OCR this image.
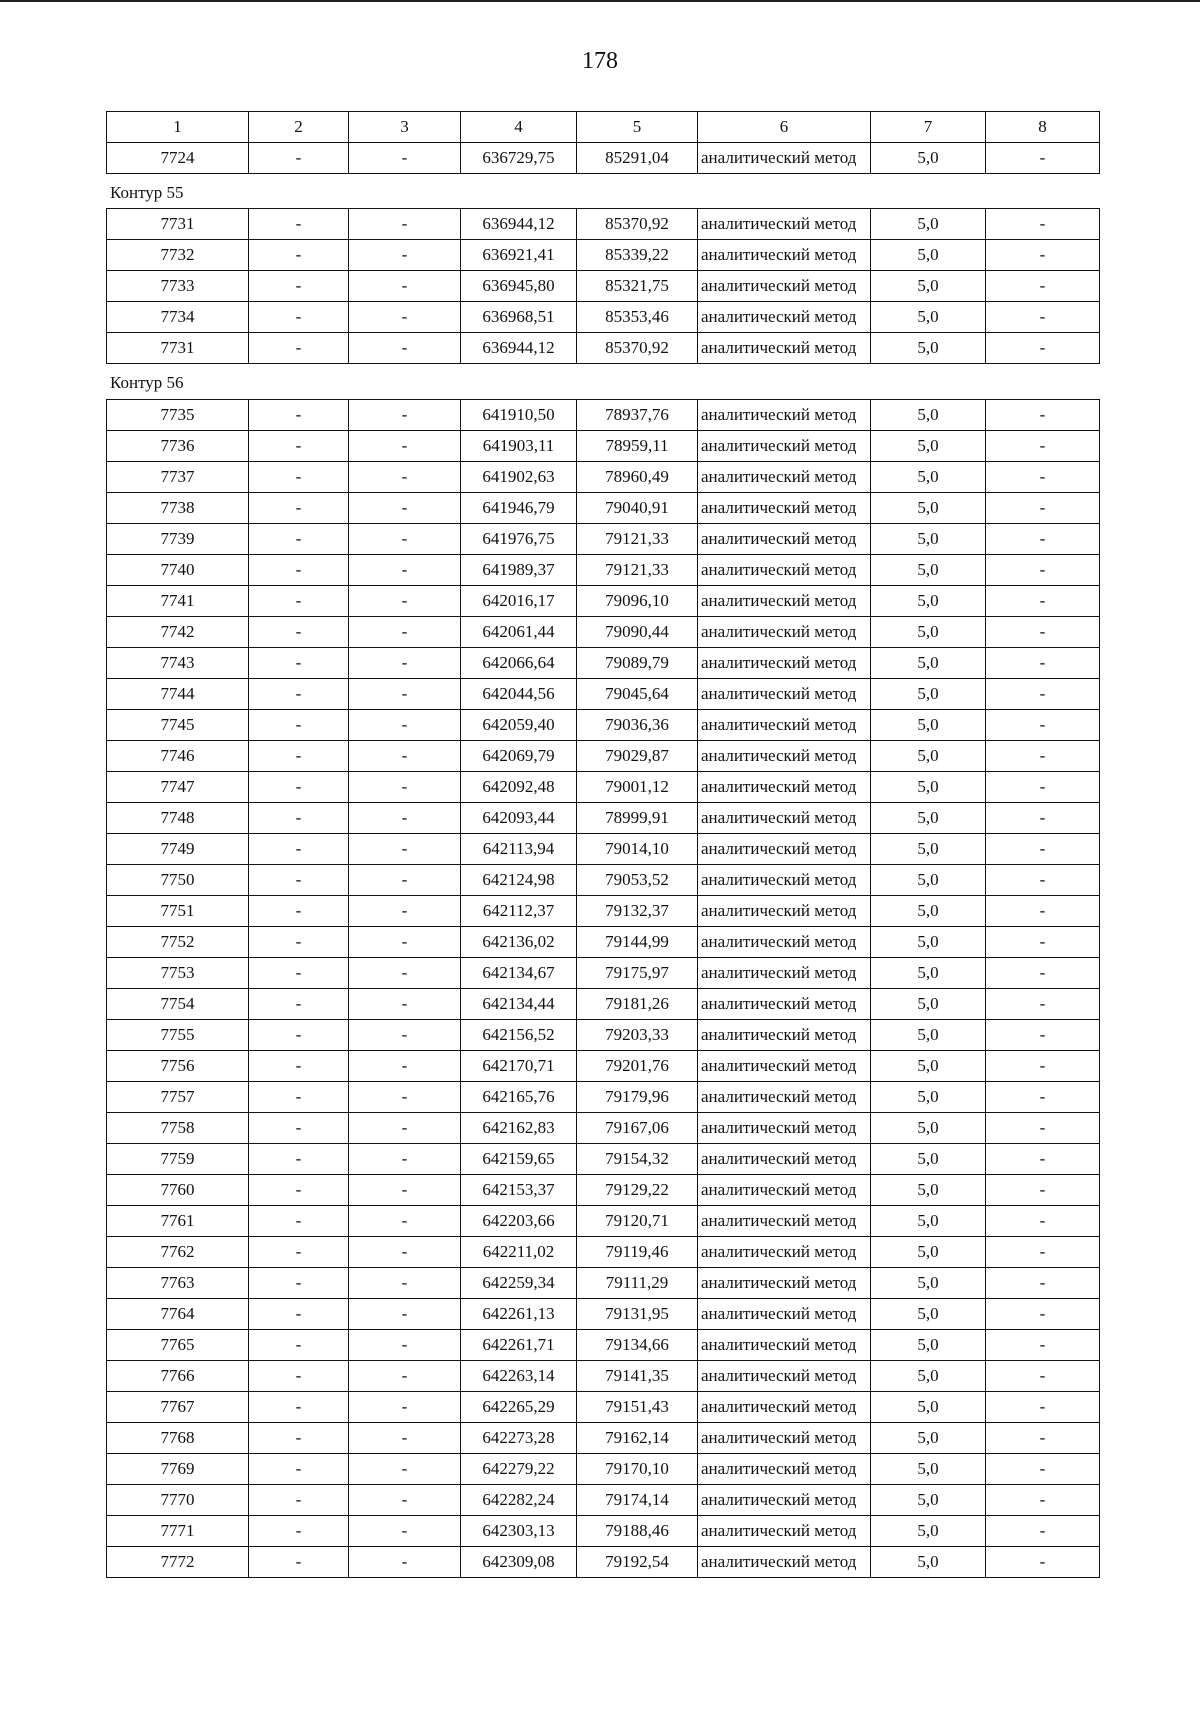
178
1	2	3	4	5	6	7	8
7724	-	-	636729,75	85291,04	аналитический метод	5,0	-
Контур 55
7731	-	-	636944,12	85370,92	аналитический метод	5,0	-
7732	-	-	636921,41	85339,22	аналитический метод	5,0	-
7733	-	-	636945,80	85321,75	аналитический метод	5,0	-
7734	-	-	636968,51	85353,46	аналитический метод	5,0	-
7731	-	-	636944,12	85370,92	аналитический метод	5,0	-
Контур 56
7735	-	-	641910,50	78937,76	аналитический метод	5,0	-
7736	-	-	641903,11	78959,11	аналитический метод	5,0	-
7737	-	-	641902,63	78960,49	аналитический метод	5,0	-
7738	-	-	641946,79	79040,91	аналитический метод	5,0	-
7739	-	-	641976,75	79121,33	аналитический метод	5,0	-
7740	-	-	641989,37	79121,33	аналитический метод	5,0	-
7741	-	-	642016,17	79096,10	аналитический метод	5,0	-
7742	-	-	642061,44	79090,44	аналитический метод	5,0	-
7743	-	-	642066,64	79089,79	аналитический метод	5,0	-
7744	-	-	642044,56	79045,64	аналитический метод	5,0	-
7745	-	-	642059,40	79036,36	аналитический метод	5,0	-
7746	-	-	642069,79	79029,87	аналитический метод	5,0	-
7747	-	-	642092,48	79001,12	аналитический метод	5,0	-
7748	-	-	642093,44	78999,91	аналитический метод	5,0	-
7749	-	-	642113,94	79014,10	аналитический метод	5,0	-
7750	-	-	642124,98	79053,52	аналитический метод	5,0	-
7751	-	-	642112,37	79132,37	аналитический метод	5,0	-
7752	-	-	642136,02	79144,99	аналитический метод	5,0	-
7753	-	-	642134,67	79175,97	аналитический метод	5,0	-
7754	-	-	642134,44	79181,26	аналитический метод	5,0	-
7755	-	-	642156,52	79203,33	аналитический метод	5,0	-
7756	-	-	642170,71	79201,76	аналитический метод	5,0	-
7757	-	-	642165,76	79179,96	аналитический метод	5,0	-
7758	-	-	642162,83	79167,06	аналитический метод	5,0	-
7759	-	-	642159,65	79154,32	аналитический метод	5,0	-
7760	-	-	642153,37	79129,22	аналитический метод	5,0	-
7761	-	-	642203,66	79120,71	аналитический метод	5,0	-
7762	-	-	642211,02	79119,46	аналитический метод	5,0	-
7763	-	-	642259,34	79111,29	аналитический метод	5,0	-
7764	-	-	642261,13	79131,95	аналитический метод	5,0	-
7765	-	-	642261,71	79134,66	аналитический метод	5,0	-
7766	-	-	642263,14	79141,35	аналитический метод	5,0	-
7767	-	-	642265,29	79151,43	аналитический метод	5,0	-
7768	-	-	642273,28	79162,14	аналитический метод	5,0	-
7769	-	-	642279,22	79170,10	аналитический метод	5,0	-
7770	-	-	642282,24	79174,14	аналитический метод	5,0	-
7771	-	-	642303,13	79188,46	аналитический метод	5,0	-
7772	-	-	642309,08	79192,54	аналитический метод	5,0	-
